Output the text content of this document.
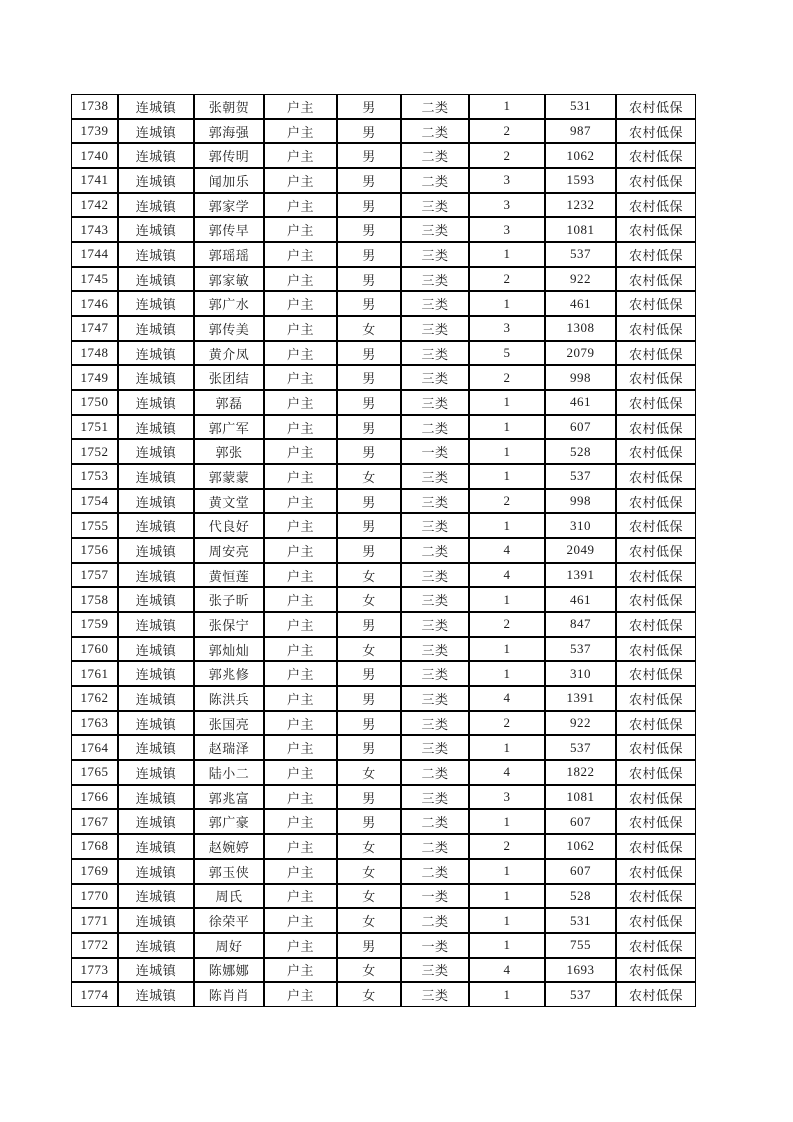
1738	连城镇	张朝贺	户主	男	二类	1	531	农村低保
1739	连城镇	郭海强	户主	男	二类	2	987	农村低保
1740	连城镇	郭传明	户主	男	二类	2	1062	农村低保
1741	连城镇	闻加乐	户主	男	二类	3	1593	农村低保
1742	连城镇	郭家学	户主	男	三类	3	1232	农村低保
1743	连城镇	郭传早	户主	男	三类	3	1081	农村低保
1744	连城镇	郭瑶瑶	户主	男	三类	1	537	农村低保
1745	连城镇	郭家敏	户主	男	三类	2	922	农村低保
1746	连城镇	郭广水	户主	男	三类	1	461	农村低保
1747	连城镇	郭传美	户主	女	三类	3	1308	农村低保
1748	连城镇	黄介凤	户主	男	三类	5	2079	农村低保
1749	连城镇	张团结	户主	男	三类	2	998	农村低保
1750	连城镇	郭磊	户主	男	三类	1	461	农村低保
1751	连城镇	郭广军	户主	男	二类	1	607	农村低保
1752	连城镇	郭张	户主	男	一类	1	528	农村低保
1753	连城镇	郭蒙蒙	户主	女	三类	1	537	农村低保
1754	连城镇	黄文堂	户主	男	三类	2	998	农村低保
1755	连城镇	代良好	户主	男	三类	1	310	农村低保
1756	连城镇	周安亮	户主	男	二类	4	2049	农村低保
1757	连城镇	黄恒莲	户主	女	三类	4	1391	农村低保
1758	连城镇	张子昕	户主	女	三类	1	461	农村低保
1759	连城镇	张保宁	户主	男	三类	2	847	农村低保
1760	连城镇	郭灿灿	户主	女	三类	1	537	农村低保
1761	连城镇	郭兆修	户主	男	三类	1	310	农村低保
1762	连城镇	陈洪兵	户主	男	三类	4	1391	农村低保
1763	连城镇	张国亮	户主	男	三类	2	922	农村低保
1764	连城镇	赵瑞泽	户主	男	三类	1	537	农村低保
1765	连城镇	陆小二	户主	女	二类	4	1822	农村低保
1766	连城镇	郭兆富	户主	男	三类	3	1081	农村低保
1767	连城镇	郭广豪	户主	男	二类	1	607	农村低保
1768	连城镇	赵婉婷	户主	女	二类	2	1062	农村低保
1769	连城镇	郭玉侠	户主	女	二类	1	607	农村低保
1770	连城镇	周氏	户主	女	一类	1	528	农村低保
1771	连城镇	徐荣平	户主	女	二类	1	531	农村低保
1772	连城镇	周好	户主	男	一类	1	755	农村低保
1773	连城镇	陈娜娜	户主	女	三类	4	1693	农村低保
1774	连城镇	陈肖肖	户主	女	三类	1	537	农村低保
